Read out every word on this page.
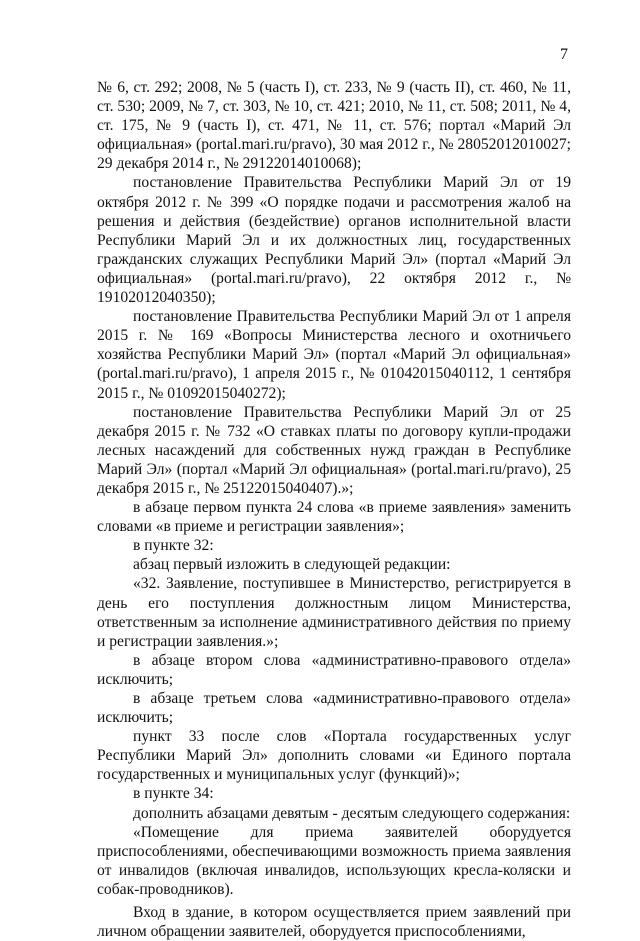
7

№ 6, ст. 292; 2008, № 5 (часть I), ст. 233, № 9 (часть II), ст. 460, № 11, ст. 530; 2009, № 7, ст. 303, № 10, ст. 421; 2010, № 11, ст. 508; 2011, № 4, ст. 175, № 9 (часть I), ст. 471, № 11, ст. 576; портал «Марий Эл официальная» (portal.mari.ru/pravo), 30 мая 2012 г., № 28052012010027; 29 декабря 2014 г., № 29122014010068);

постановление Правительства Республики Марий Эл от 19 октября 2012 г. № 399 «О порядке подачи и рассмотрения жалоб на решения и действия (бездействие) органов исполнительной власти Республики Марий Эл и их должностных лиц, государственных гражданских служащих Республики Марий Эл» (портал «Марий Эл официальная» (portal.mari.ru/pravo), 22 октября 2012 г., № 19102012040350);

постановление Правительства Республики Марий Эл от 1 апреля 2015 г. № 169 «Вопросы Министерства лесного и охотничьего хозяйства Республики Марий Эл» (портал «Марий Эл официальная» (portal.mari.ru/pravo), 1 апреля 2015 г., № 01042015040112, 1 сентября 2015 г., № 01092015040272);

постановление Правительства Республики Марий Эл от 25 декабря 2015 г. № 732 «О ставках платы по договору купли-продажи лесных насаждений для собственных нужд граждан в Республике Марий Эл» (портал «Марий Эл официальная» (portal.mari.ru/pravo), 25 декабря 2015 г., № 25122015040407).»;

в абзаце первом пункта 24 слова «в приеме заявления» заменить словами «в приеме и регистрации заявления»;

в пункте 32:

абзац первый изложить в следующей редакции:

«32. Заявление, поступившее в Министерство, регистрируется в день его поступления должностным лицом Министерства, ответственным за исполнение административного действия по приему и регистрации заявления.»;

в абзаце втором слова «административно-правового отдела» исключить;

в абзаце третьем слова «административно-правового отдела» исключить;

пункт 33 после слов «Портала государственных услуг Республики Марий Эл» дополнить словами «и Единого портала государственных и муниципальных услуг (функций)»;

в пункте 34:

дополнить абзацами девятым - десятым следующего содержания:

«Помещение для приема заявителей оборудуется приспособлениями, обеспечивающими возможность приема заявления от инвалидов (включая инвалидов, использующих кресла-коляски и собак-проводников).

Вход в здание, в котором осуществляется прием заявлений при личном обращении заявителей, оборудуется приспособлениями,
